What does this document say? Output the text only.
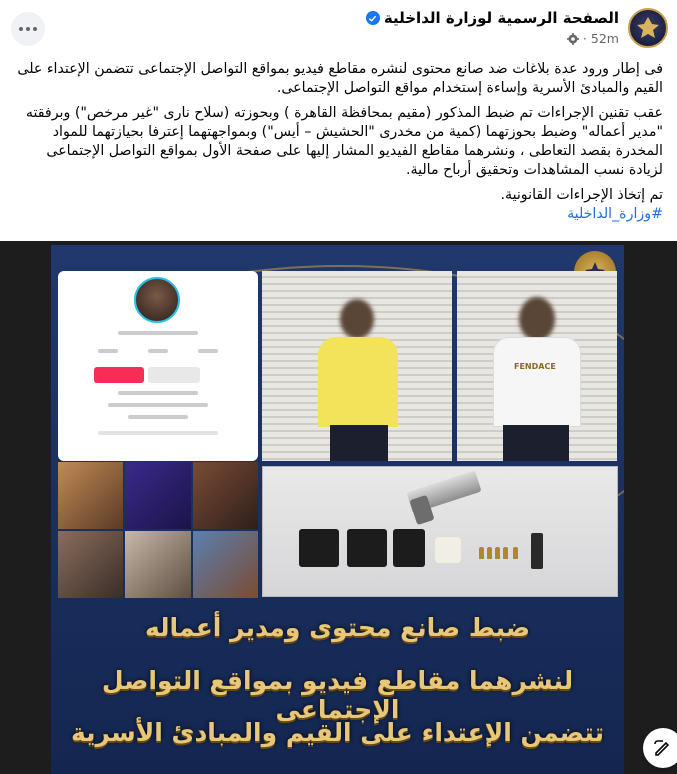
الصفحة الرسمية لوزارة الداخلية
52m
·

فى إطار ورود عدة بلاغات ضد صانع محتوى لنشره مقاطع فيديو بمواقع التواصل الإجتماعى تتضمن الإعتداء على القيم والمبادئ الأسرية وإساءة إستخدام مواقع التواصل الإجتماعى.

عقب تقنين الإجراءات تم ضبط المذكور (مقيم بمحافظة القاهرة ) وبحوزته (سلاح نارى "غير مرخص") وبرفقته "مدير أعماله" وضبط بحوزتهما (كمية من مخدرى "الحشيش – أيس") وبمواجهتهما إعترفا بحيازتهما للمواد المخدرة بقصد التعاطى ، ونشرهما مقاطع الفيديو المشار إليها على صفحة الأول بمواقع التواصل الإجتماعى لزيادة نسب المشاهدات وتحقيق أرباح مالية.

تم إتخاذ الإجراءات القانونية.

#وزارة_الداخلية

FENDACE
ضبط صانع محتوى ومدير أعماله
لنشرهما مقاطع فيديو بمواقع التواصل الإجتماعى
تتضمن الإعتداء على القيم والمبادئ الأسرية
